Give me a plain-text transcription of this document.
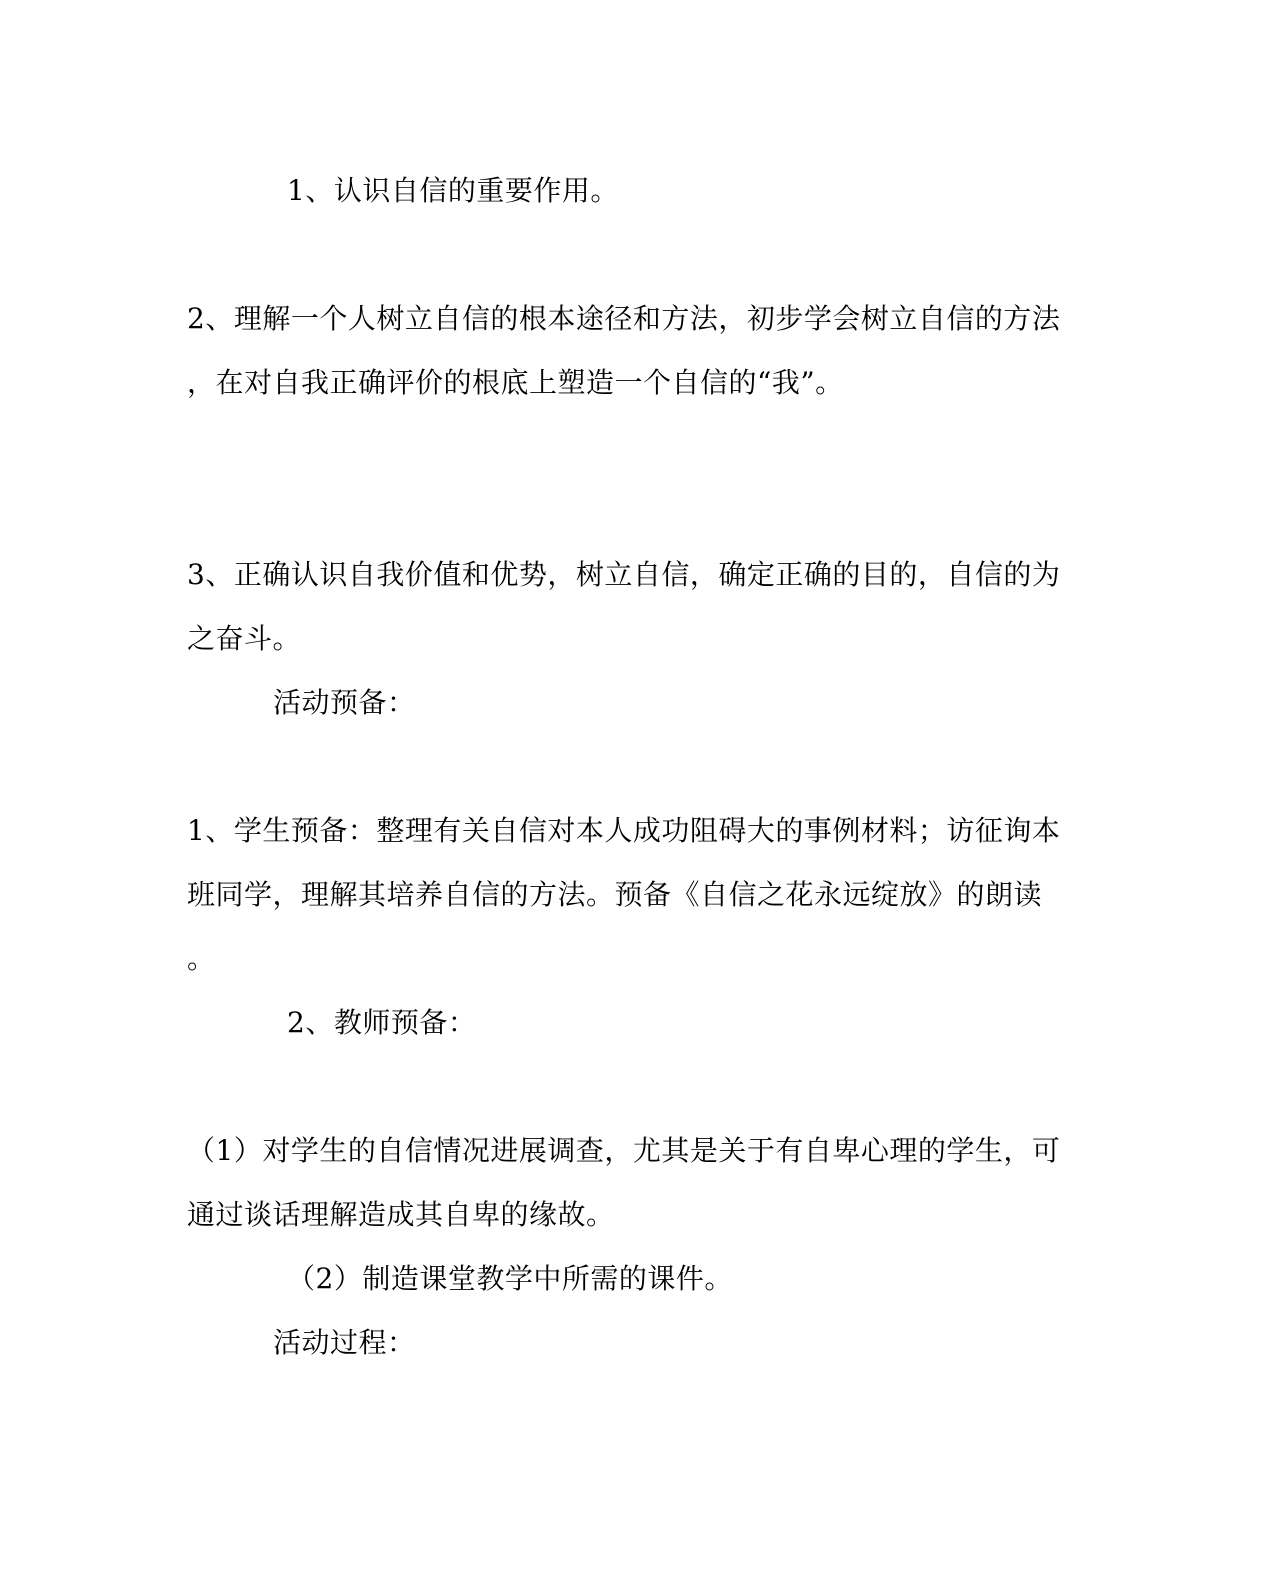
1、认识自信的重要作用。
2、理解一个人树立自信的根本途径和方法，初步学会树立自信的方法
，在对自我正确评价的根底上塑造一个自信的“我”。
3、正确认识自我价值和优势，树立自信，确定正确的目的，自信的为
之奋斗。
活动预备：
1、学生预备：整理有关自信对本人成功阻碍大的事例材料；访征询本
班同学，理解其培养自信的方法。预备《自信之花永远绽放》的朗读
。
2、教师预备：
（1）对学生的自信情况进展调查，尤其是关于有自卑心理的学生，可
通过谈话理解造成其自卑的缘故。
（2）制造课堂教学中所需的课件。
活动过程：
